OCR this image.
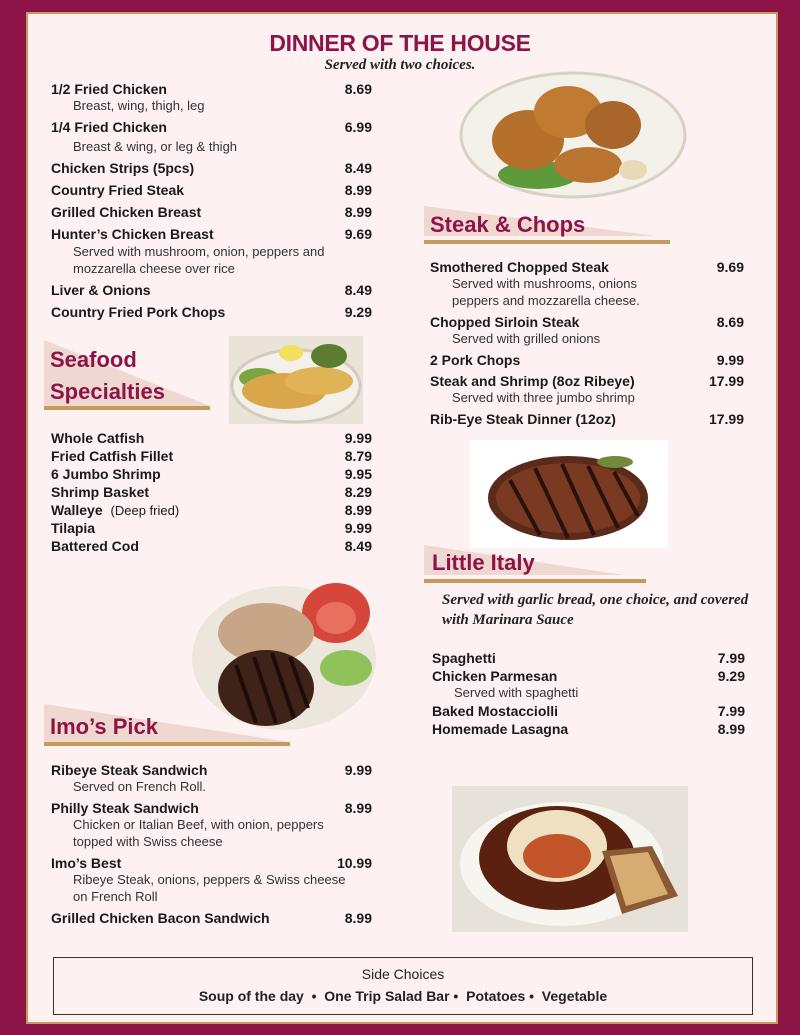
DINNER OF THE HOUSE
Served with two choices.
1/2 Fried Chicken	8.69
Breast, wing, thigh, leg
1/4 Fried Chicken	6.99
Breast & wing, or leg & thigh
Chicken Strips (5pcs)	8.49
Country Fried Steak	8.99
Grilled Chicken Breast	8.99
Hunter’s Chicken Breast	9.69
Served with mushroom, onion, peppers and mozzarella cheese over rice
Liver & Onions	8.49
Country Fried Pork Chops	9.29
Seafood
Specialties
Whole Catfish	9.99
Fried Catfish Fillet	8.79
6 Jumbo Shrimp	9.95
Shrimp Basket	8.29
Walleye (Deep fried)	8.99
Tilapia	9.99
Battered Cod	8.49
Imo’s Pick
Ribeye Steak Sandwich	9.99
Served on French Roll.
Philly Steak Sandwich	8.99
Chicken or Italian Beef, with onion, peppers topped with Swiss cheese
Imo’s Best	10.99
Ribeye Steak, onions, peppers & Swiss cheese on French Roll
Grilled Chicken Bacon Sandwich	8.99
Steak & Chops
Smothered Chopped Steak	9.69
Served with mushrooms, onions peppers and mozzarella cheese.
Chopped Sirloin Steak	8.69
Served with grilled onions
2 Pork Chops	9.99
Steak and Shrimp (8oz Ribeye)	17.99
Served with three jumbo shrimp
Rib-Eye Steak Dinner (12oz)	17.99
Little Italy
Served with garlic bread, one choice, and covered with Marinara Sauce
Spaghetti	7.99
Chicken Parmesan	9.29
Served with spaghetti
Baked Mostacciolli	7.99
Homemade Lasagna	8.99
Side Choices
Soup of the day  •  One Trip Salad Bar •  Potatoes •  Vegetable
